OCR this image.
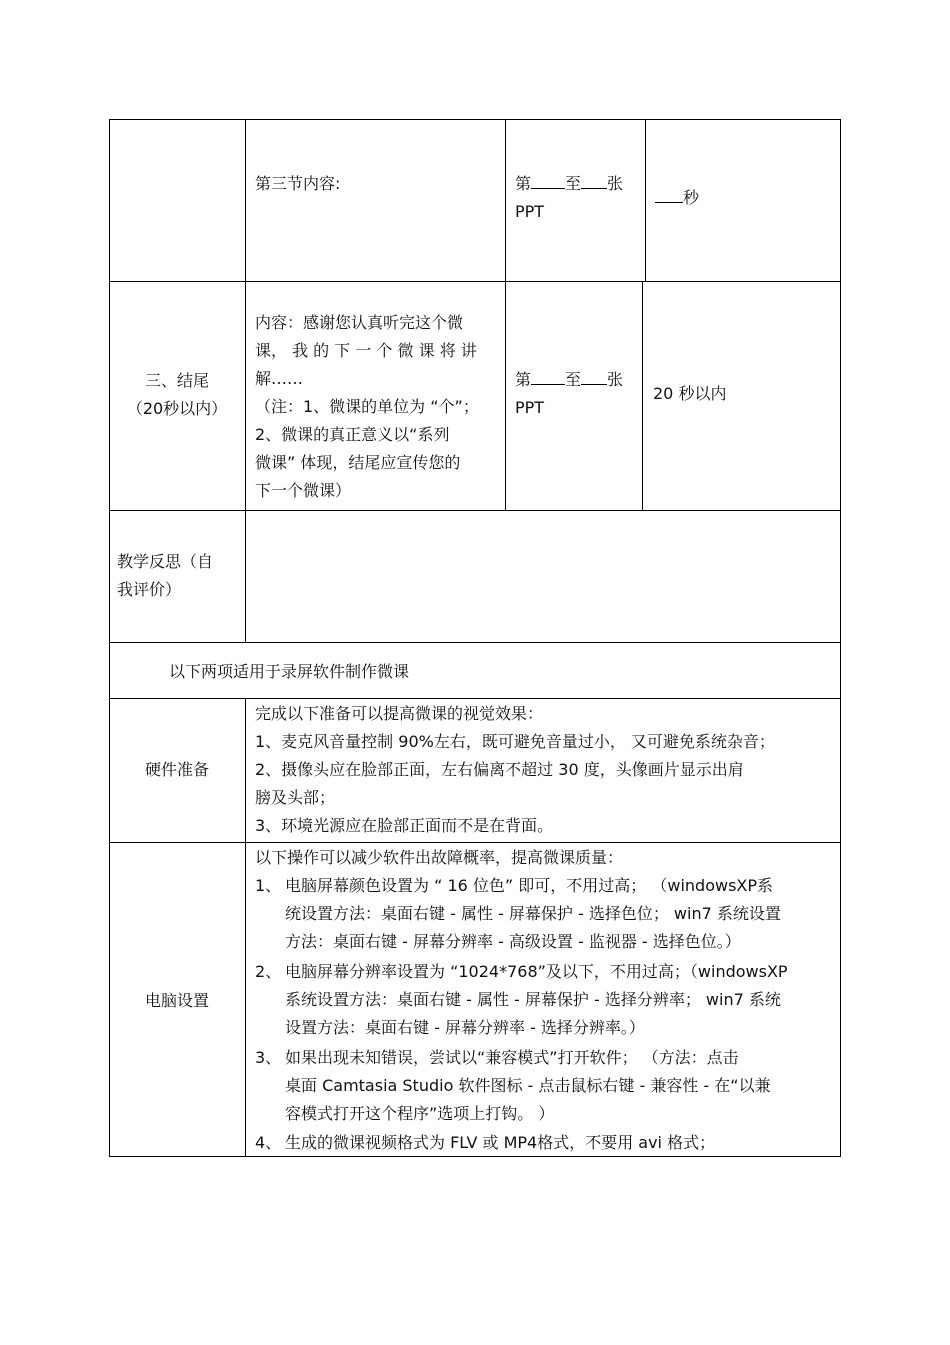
第三节内容:	第 至 张
PPT
秒
三、结尾
（20秒以内）
内容：感谢您认真听完这个微
课， 我 的 下 一 个 微 课 将 讲
解……
（注：1、微课的单位为 “个”；
2、微课的真正意义以“系列
微课” 体现，结尾应宣传您的
下一个微课）
第 至 张
PPT
20 秒以内
教学反思（自
我评价）
以下两项适用于录屏软件制作微课
硬件准备
完成以下准备可以提高微课的视觉效果：
1、麦克风音量控制 90%左右，既可避免音量过小， 又可避免系统杂音；
2、摄像头应在脸部正面，左右偏离不超过 30 度，头像画片显示出肩
膀及头部；
3、环境光源应在脸部正面而不是在背面。
电脑设置
以下操作可以减少软件出故障概率，提高微课质量：
1、 电脑屏幕颜色设置为 “ 16 位色” 即可，不用过高； （windowsXP系
统设置方法：桌面右键 - 属性 - 屏幕保护 - 选择色位； win7 系统设置
方法：桌面右键 - 屏幕分辨率 - 高级设置 - 监视器 - 选择色位。）
2、 电脑屏幕分辨率设置为 “1024*768”及以下，不用过高；（windowsXP
系统设置方法：桌面右键 - 属性 - 屏幕保护 - 选择分辨率； win7 系统
设置方法：桌面右键 - 屏幕分辨率 - 选择分辨率。）
3、 如果出现未知错误，尝试以“兼容模式”打开软件； （方法：点击
桌面 Camtasia Studio 软件图标 - 点击鼠标右键 - 兼容性 - 在“以兼
容模式打开这个程序”选项上打钩。 ）
4、 生成的微课视频格式为 FLV 或 MP4格式，不要用 avi 格式；
